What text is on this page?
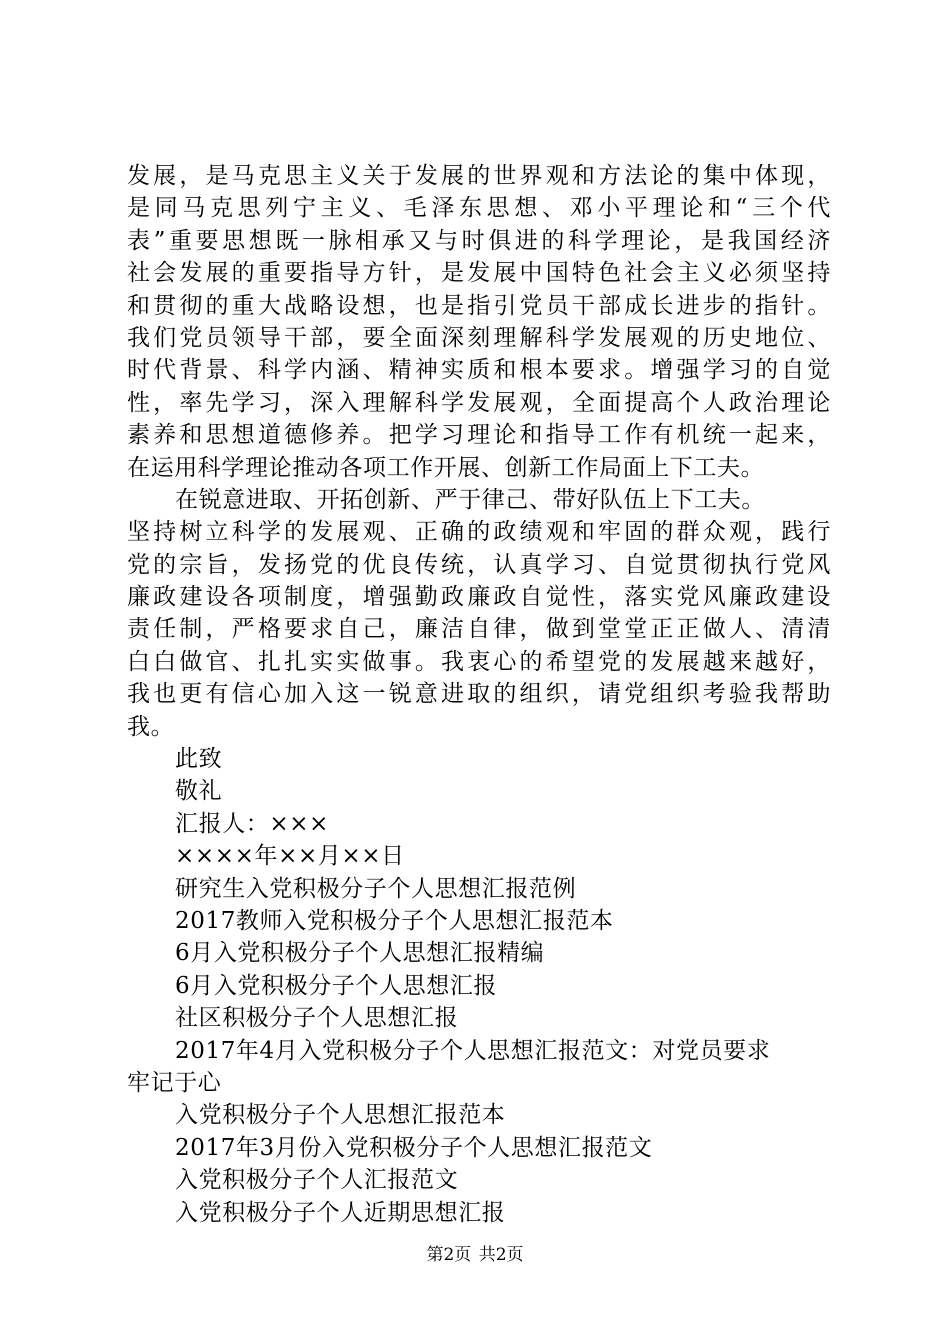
发展，是马克思主义关于发展的世界观和方法论的集中体现，
是同马克思列宁主义、毛泽东思想、邓小平理论和“三个代
表”重要思想既一脉相承又与时俱进的科学理论，是我国经济
社会发展的重要指导方针，是发展中国特色社会主义必须坚持
和贯彻的重大战略设想，也是指引党员干部成长进步的指针。
我们党员领导干部，要全面深刻理解科学发展观的历史地位、
时代背景、科学内涵、精神实质和根本要求。增强学习的自觉
性，率先学习，深入理解科学发展观，全面提高个人政治理论
素养和思想道德修养。把学习理论和指导工作有机统一起来，
在运用科学理论推动各项工作开展、创新工作局面上下工夫。
在锐意进取、开拓创新、严于律己、带好队伍上下工夫。
坚持树立科学的发展观、正确的政绩观和牢固的群众观，践行
党的宗旨，发扬党的优良传统，认真学习、自觉贯彻执行党风
廉政建设各项制度，增强勤政廉政自觉性，落实党风廉政建设
责任制，严格要求自己，廉洁自律，做到堂堂正正做人、清清
白白做官、扎扎实实做事。我衷心的希望党的发展越来越好，
我也更有信心加入这一锐意进取的组织，请党组织考验我帮助
我。
此致
敬礼
汇报人：×××
××××年××月××日
研究生入党积极分子个人思想汇报范例
2017教师入党积极分子个人思想汇报范本
6月入党积极分子个人思想汇报精编
6月入党积极分子个人思想汇报
社区积极分子个人思想汇报
2017年4月入党积极分子个人思想汇报范文：对党员要求
牢记于心
入党积极分子个人思想汇报范本
2017年3月份入党积极分子个人思想汇报范文
入党积极分子个人汇报范文
入党积极分子个人近期思想汇报
第2页 共2页
